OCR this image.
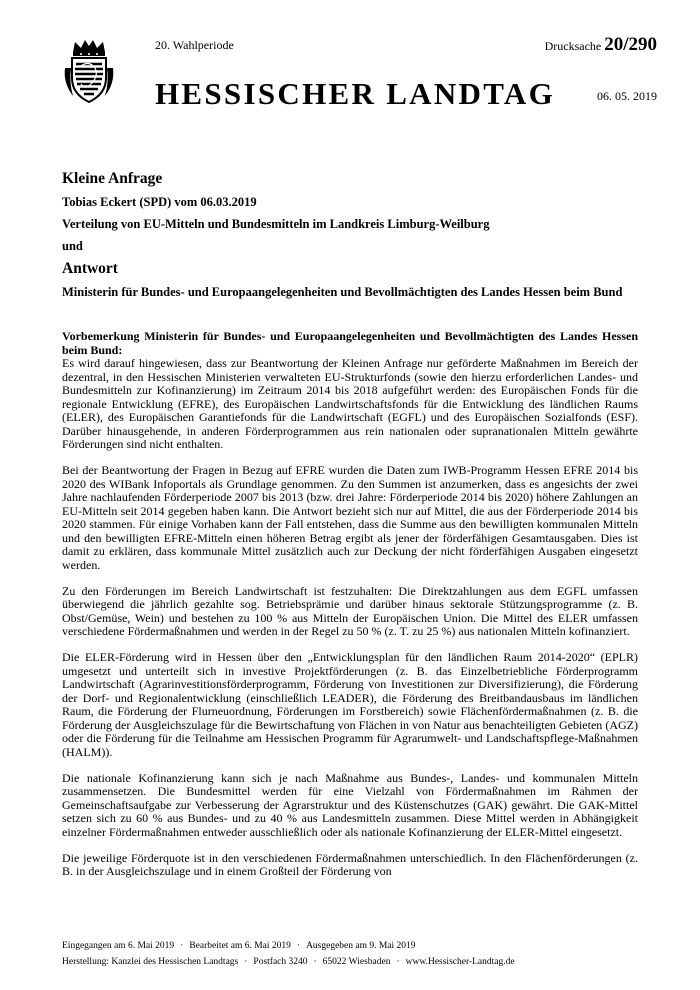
20. Wahlperiode	Drucksache 20/290
HESSISCHER LANDTAG	06. 05. 2019
Kleine Anfrage
Tobias Eckert (SPD) vom 06.03.2019
Verteilung von EU-Mitteln und Bundesmitteln im Landkreis Limburg-Weilburg
und
Antwort
Ministerin für Bundes- und Europaangelegenheiten und Bevollmächtigten des Landes Hessen beim Bund
Vorbemerkung Ministerin für Bundes- und Europaangelegenheiten und Bevollmächtigten des Landes Hessen beim Bund:

Es wird darauf hingewiesen, dass zur Beantwortung der Kleinen Anfrage nur geförderte Maßnahmen im Bereich der dezentral, in den Hessischen Ministerien verwalteten EU-Strukturfonds (sowie den hierzu erforderlichen Landes- und Bundesmitteln zur Kofinanzierung) im Zeitraum 2014 bis 2018 aufgeführt werden: des Europäischen Fonds für die regionale Entwicklung (EFRE), des Europäischen Landwirtschaftsfonds für die Entwicklung des ländlichen Raums (ELER), des Europäischen Garantiefonds für die Landwirtschaft (EGFL) und des Europäischen Sozialfonds (ESF). Darüber hinausgehende, in anderen Förderprogrammen aus rein nationalen oder supranationalen Mitteln gewährte Förderungen sind nicht enthalten.

Bei der Beantwortung der Fragen in Bezug auf EFRE wurden die Daten zum IWB-Programm Hessen EFRE 2014 bis 2020 des WIBank Infoportals als Grundlage genommen. Zu den Summen ist anzumerken, dass es angesichts der zwei Jahre nachlaufenden Förderperiode 2007 bis 2013 (bzw. drei Jahre: Förderperiode 2014 bis 2020) höhere Zahlungen an EU-Mitteln seit 2014 gegeben haben kann. Die Antwort bezieht sich nur auf Mittel, die aus der Förderperiode 2014 bis 2020 stammen. Für einige Vorhaben kann der Fall entstehen, dass die Summe aus den bewilligten kommunalen Mitteln und den bewilligten EFRE-Mitteln einen höheren Betrag ergibt als jener der förderfähigen Gesamtausgaben. Dies ist damit zu erklären, dass kommunale Mittel zusätzlich auch zur Deckung der nicht förderfähigen Ausgaben eingesetzt werden.

Zu den Förderungen im Bereich Landwirtschaft ist festzuhalten: Die Direktzahlungen aus dem EGFL umfassen überwiegend die jährlich gezahlte sog. Betriebsprämie und darüber hinaus sektorale Stützungsprogramme (z. B. Obst/Gemüse, Wein) und bestehen zu 100 % aus Mitteln der Europäischen Union. Die Mittel des ELER umfassen verschiedene Fördermaßnahmen und werden in der Regel zu 50 % (z. T. zu 25 %) aus nationalen Mitteln kofinanziert.

Die ELER-Förderung wird in Hessen über den „Entwicklungsplan für den ländlichen Raum 2014-2020“ (EPLR) umgesetzt und unterteilt sich in investive Projektförderungen (z. B. das Einzelbetriebliche Förderprogramm Landwirtschaft (Agrarinvestitionsförderprogramm, Förderung von Investitionen zur Diversifizierung), die Förderung der Dorf- und Regionalentwicklung (einschließlich LEADER), die Förderung des Breitbandausbaus im ländlichen Raum, die Förderung der Flurneuordnung, Förderungen im Forstbereich) sowie Flächenfördermaßnahmen (z. B. die Förderung der Ausgleichszulage für die Bewirtschaftung von Flächen in von Natur aus benachteiligten Gebieten (AGZ) oder die Förderung für die Teilnahme am Hessischen Programm für Agrarumwelt- und Landschaftspflege-Maßnahmen (HALM)).

Die nationale Kofinanzierung kann sich je nach Maßnahme aus Bundes-, Landes- und kommunalen Mitteln zusammensetzen. Die Bundesmittel werden für eine Vielzahl von Fördermaßnahmen im Rahmen der Gemeinschaftsaufgabe zur Verbesserung der Agrarstruktur und des Küstenschutzes (GAK) gewährt. Die GAK-Mittel setzen sich zu 60 % aus Bundes- und zu 40 % aus Landesmitteln zusammen. Diese Mittel werden in Abhängigkeit einzelner Fördermaßnahmen entweder ausschließlich oder als nationale Kofinanzierung der ELER-Mittel eingesetzt.

Die jeweilige Förderquote ist in den verschiedenen Fördermaßnahmen unterschiedlich. In den Flächenförderungen (z. B. in der Ausgleichszulage und in einem Großteil der Förderung von

Eingegangen am 6. Mai 2019 · Bearbeitet am 6. Mai 2019 · Ausgegeben am 9. Mai 2019
Herstellung: Kanzlei des Hessischen Landtags · Postfach 3240 · 65022 Wiesbaden · www.Hessischer-Landtag.de
